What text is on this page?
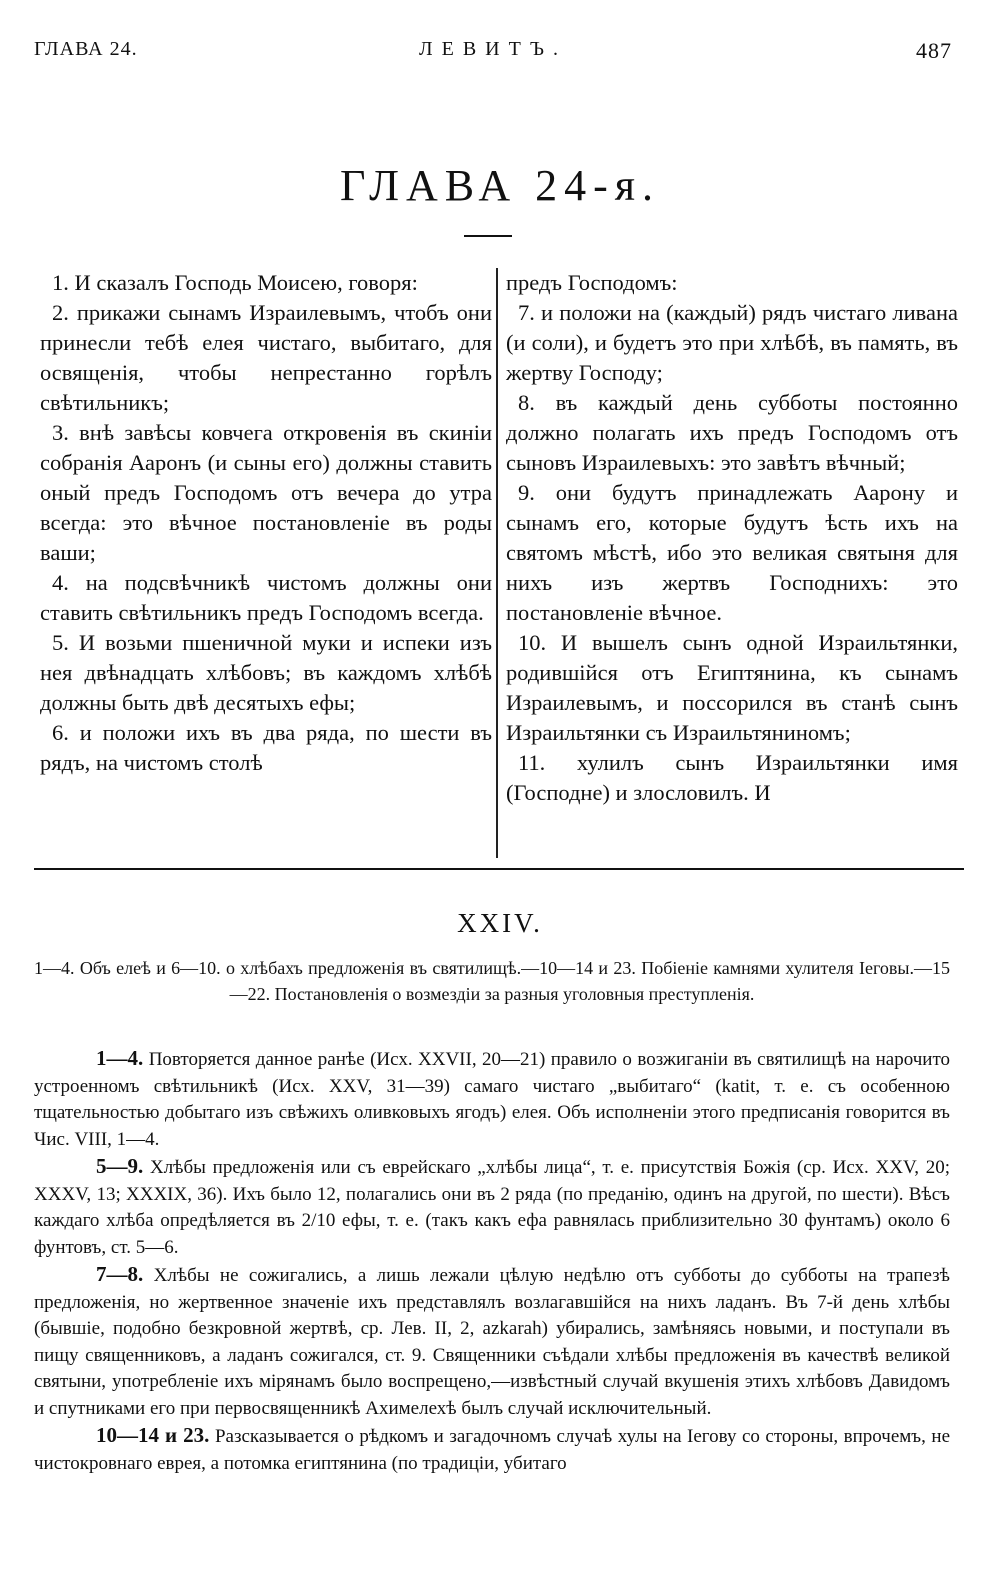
ГЛАВА 24.	ЛЕВИТЪ.	487
ГЛАВА 24-я.

1. И сказалъ Господь Моисею, говоря:

2. прикажи сынамъ Израилевымъ, чтобъ они принесли тебѣ елея чистаго, выбитаго, для освященія, чтобы непрестанно горѣлъ свѣтильникъ;

3. внѣ завѣсы ковчега откровенія въ скиніи собранія Ааронъ (и сыны его) должны ставить оный предъ Господомъ отъ вечера до утра всегда: это вѣчное постановленіе въ роды ваши;

4. на подсвѣчникѣ чистомъ должны они ставить свѣтильникъ предъ Господомъ всегда.

5. И возьми пшеничной муки и испеки изъ нея двѣнадцать хлѣбовъ; въ каждомъ хлѣбѣ должны быть двѣ десятыхъ ефы;

6. и положи ихъ въ два ряда, по шести въ рядъ, на чистомъ столѣ

предъ Господомъ:

7. и положи на (каждый) рядъ чистаго ливана (и соли), и будетъ это при хлѣбѣ, въ память, въ жертву Господу;

8. въ каждый день субботы постоянно должно полагать ихъ предъ Господомъ отъ сыновъ Израилевыхъ: это завѣтъ вѣчный;

9. они будутъ принадлежать Аарону и сынамъ его, которые будутъ ѣсть ихъ на святомъ мѣстѣ, ибо это великая святыня для нихъ изъ жертвъ Господнихъ: это постановленіе вѣчное.

10. И вышелъ сынъ одной Израильтянки, родившійся отъ Египтянина, къ сынамъ Израилевымъ, и поссорился въ станѣ сынъ Израильтянки съ Израильтяниномъ;

11. хулилъ сынъ Израильтянки имя (Господне) и злословилъ. И

XXIV.
1—4. Объ елеѣ и 6—10. о хлѣбахъ предложенія въ святилищѣ.—10—14 и 23. Побіеніе камнями хулителя Іеговы.—15—22. Постановленія о возмездіи за разныя уголовныя преступленія.

1—4. Повторяется данное ранѣе (Исх. XXVII, 20—21) правило о возжиганіи въ святилищѣ на нарочито устроенномъ свѣтильникѣ (Исх. XXV, 31—39) самаго чистаго „выбитаго“ (katit, т. е. съ особенною тщательностью добытаго изъ свѣжихъ оливковыхъ ягодъ) елея. Объ исполненіи этого предписанія говорится въ Чис. VIII, 1—4.

5—9. Хлѣбы предложенія или съ еврейскаго „хлѣбы лица“, т. е. присутствія Божія (ср. Исх. XXV, 20; XXXV, 13; XXXIX, 36). Ихъ было 12, полагались они въ 2 ряда (по преданію, одинъ на другой, по шести). Вѣсъ каждаго хлѣба опредѣляется въ 2/10 ефы, т. е. (такъ какъ ефа равнялась приблизительно 30 фунтамъ) около 6 фунтовъ, ст. 5—6.

7—8. Хлѣбы не сожигались, а лишь лежали цѣлую недѣлю отъ субботы до субботы на трапезѣ предложенія, но жертвенное значеніе ихъ представлялъ возлагавшійся на нихъ ладанъ. Въ 7-й день хлѣбы (бывшіе, подобно безкровной жертвѣ, ср. Лев. II, 2, azkarah) убирались, замѣняясь новыми, и поступали въ пищу священниковъ, а ладанъ сожигался, ст. 9. Священники съѣдали хлѣбы предложенія въ качествѣ великой святыни, употребленіе ихъ мірянамъ было воспрещено,—извѣстный случай вкушенія этихъ хлѣбовъ Давидомъ и спутниками его при первосвященникѣ Ахимелехѣ былъ случай исключительный.

10—14 и 23. Разсказывается о рѣдкомъ и загадочномъ случаѣ хулы на Іегову со стороны, впрочемъ, не чистокровнаго еврея, а потомка египтянина (по традиціи, убитаго
